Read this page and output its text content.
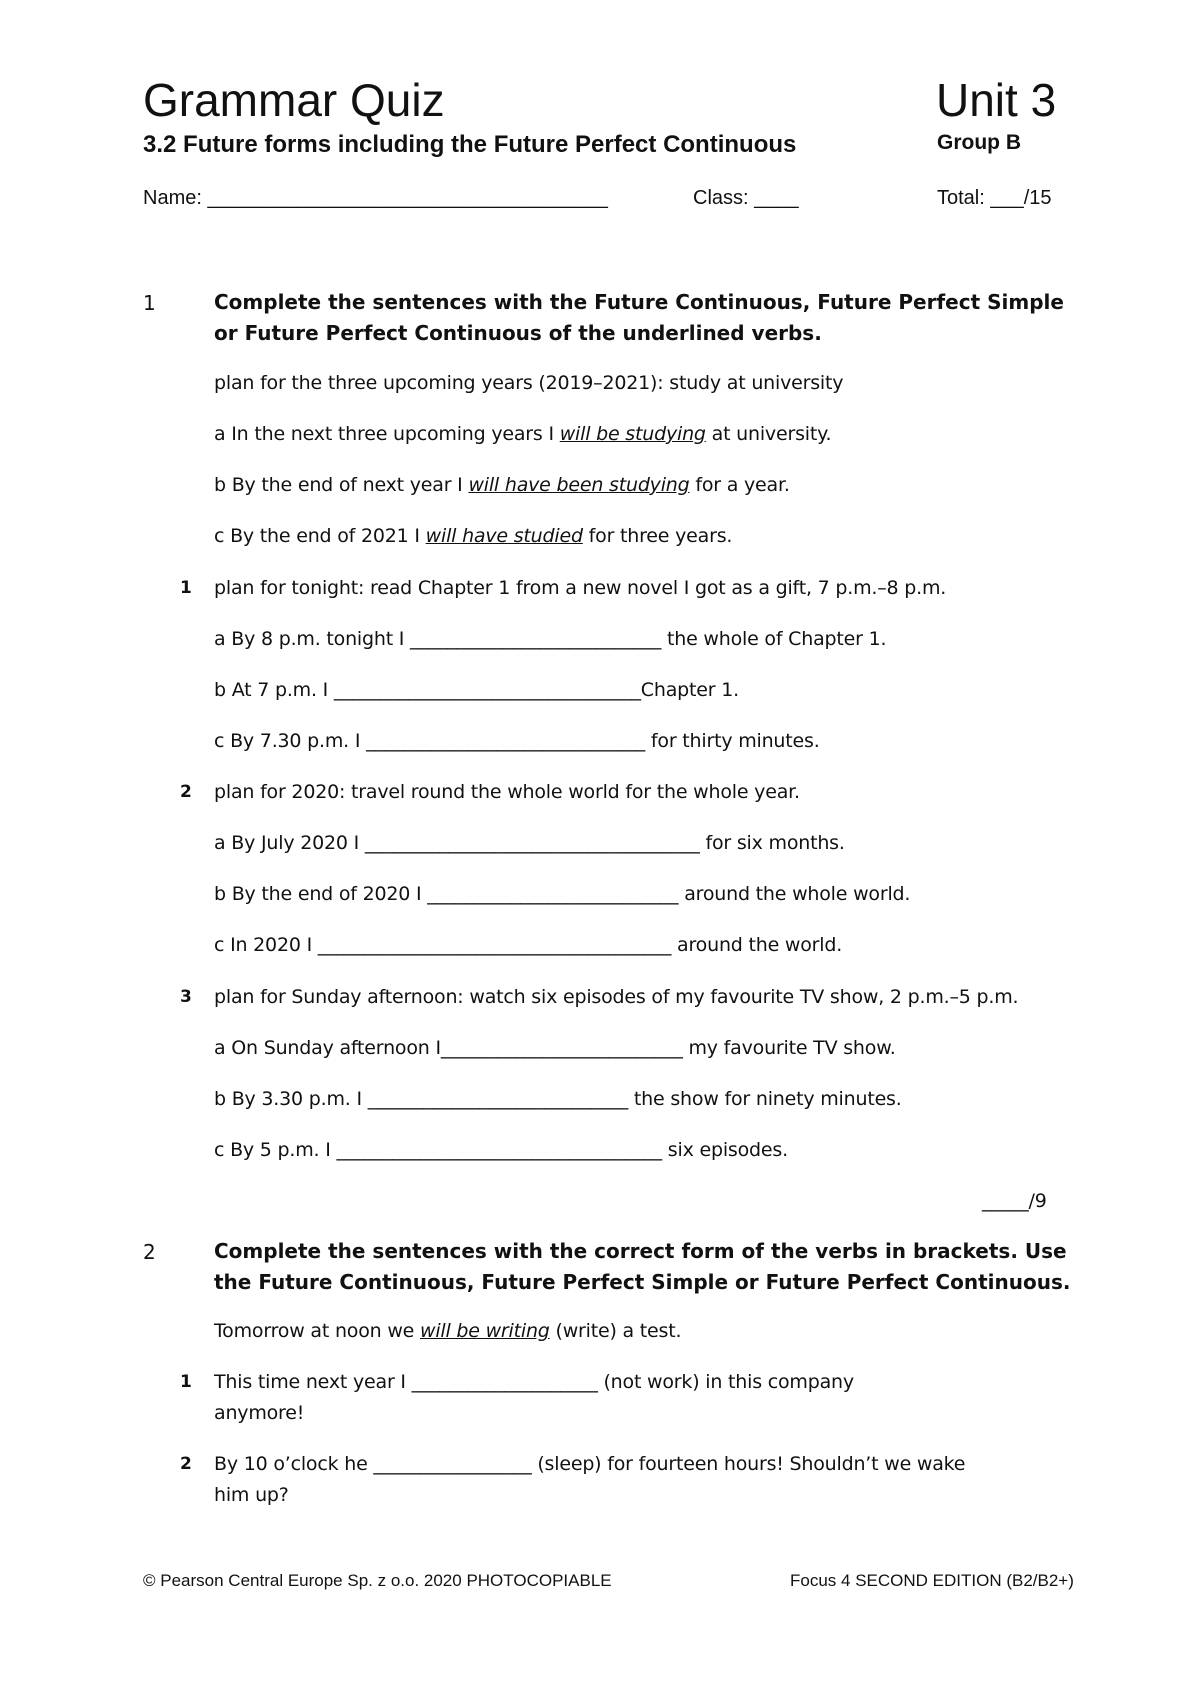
Grammar Quiz	Unit 3
3.2 Future forms including the Future Perfect Continuous	Group B
Name: ____________________________________	Class: ____	Total: ___/15
1	Complete the sentences with the Future Continuous, Future Perfect Simple or Future Perfect Continuous of the underlined verbs.
plan for the three upcoming years (2019–2021): study at university
a In the next three upcoming years I will be studying at university.
b By the end of next year I will have been studying for a year.
c By the end of 2021 I will have studied for three years.
1 plan for tonight: read Chapter 1 from a new novel I got as a gift, 7 p.m.–8 p.m.
a By 8 p.m. tonight I ___________________________ the whole of Chapter 1.
b At 7 p.m. I _________________________________Chapter 1.
c By 7.30 p.m. I ______________________________ for thirty minutes.
2 plan for 2020: travel round the whole world for the whole year.
a By July 2020 I ____________________________________ for six months.
b By the end of 2020 I ___________________________ around the whole world.
c In 2020 I ______________________________________ around the world.
3 plan for Sunday afternoon: watch six episodes of my favourite TV show, 2 p.m.–5 p.m.
a On Sunday afternoon I__________________________ my favourite TV show.
b By 3.30 p.m. I ____________________________ the show for ninety minutes.
c By 5 p.m. I ___________________________________ six episodes.
_____/9
2	Complete the sentences with the correct form of the verbs in brackets. Use the Future Continuous, Future Perfect Simple or Future Perfect Continuous.
Tomorrow at noon we will be writing (write) a test.
1 This time next year I ____________________ (not work) in this company
anymore!
2 By 10 o’clock he _________________ (sleep) for fourteen hours! Shouldn’t we wake
him up?
© Pearson Central Europe Sp. z o.o. 2020 PHOTOCOPIABLE	Focus 4 SECOND EDITION (B2/B2+)
